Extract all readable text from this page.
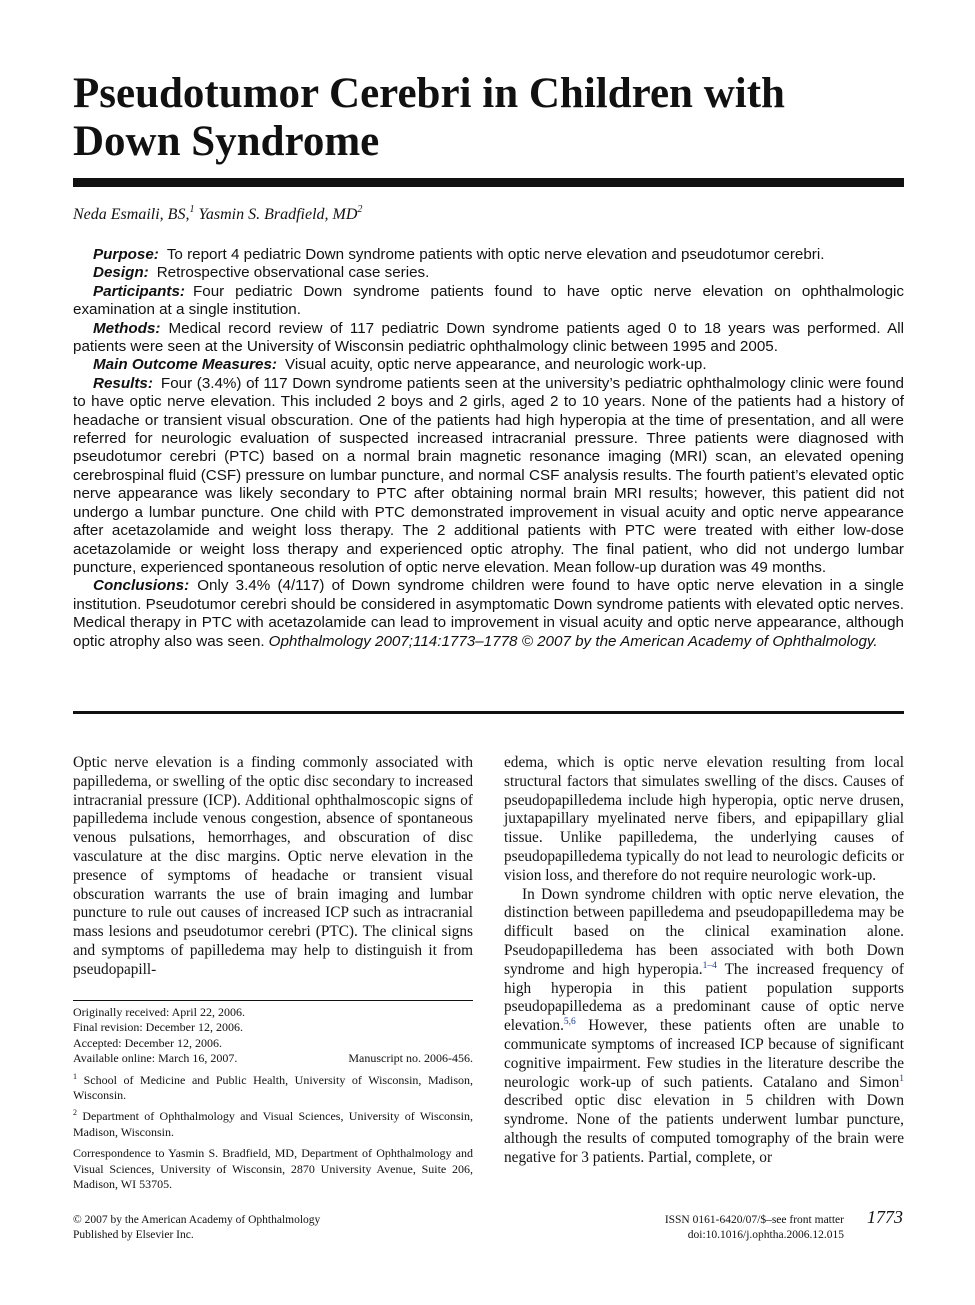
Pseudotumor Cerebri in Children with
Down Syndrome
Neda Esmaili, BS,$^1$ Yasmin S. Bradfield, $MD^2$

Purpose: To report 4 pediatric Down syndrome patients with optic nerve elevation and pseudotumor cerebri.

Design: Retrospective observational case series.

Participants: Four pediatric Down syndrome patients found to have optic nerve elevation on ophthalmologic examination at a single institution.

Methods: Medical record review of 117 pediatric Down syndrome patients aged 0 to 18 years was performed. All patients were seen at the University of Wisconsin pediatric ophthalmology clinic between 1995 and 2005.

Main Outcome Measures: Visual acuity, optic nerve appearance, and neurologic work-up.

Results: Four (3.4%) of 117 Down syndrome patients seen at the university’s pediatric ophthalmology clinic were found to have optic nerve elevation. This included 2 boys and 2 girls, aged 2 to 10 years. None of the patients had a history of headache or transient visual obscuration. One of the patients had high hyperopia at the time of presentation, and all were referred for neurologic evaluation of suspected increased intracranial pressure. Three patients were diagnosed with pseudotumor cerebri (PTC) based on a normal brain magnetic resonance imaging (MRI) scan, an elevated opening cerebrospinal fluid (CSF) pressure on lumbar puncture, and normal CSF analysis results. The fourth patient’s elevated optic nerve appearance was likely secondary to PTC after obtaining normal brain MRI results; however, this patient did not undergo a lumbar puncture. One child with PTC demonstrated improvement in visual acuity and optic nerve appearance after acetazolamide and weight loss therapy. The 2 additional patients with PTC were treated with either low-dose acetazolamide or weight loss therapy and experienced optic atrophy. The final patient, who did not undergo lumbar puncture, experienced spontaneous resolution of optic nerve elevation. Mean follow-up duration was 49 months.

Conclusions: Only 3.4% (4/117) of Down syndrome children were found to have optic nerve elevation in a single institution. Pseudotumor cerebri should be considered in asymptomatic Down syndrome patients with elevated optic nerves. Medical therapy in PTC with acetazolamide can lead to improvement in visual acuity and optic nerve appearance, although optic atrophy also was seen. Ophthalmology 2007;114:1773–1778 © 2007 by the American Academy of Ophthalmology.

Optic nerve elevation is a finding commonly associated with papilledema, or swelling of the optic disc secondary to increased intracranial pressure (ICP). Additional ophthalmoscopic signs of papilledema include venous congestion, absence of spontaneous venous pulsations, hemorrhages, and obscuration of disc vasculature at the disc margins. Optic nerve elevation in the presence of symptoms of headache or transient visual obscuration warrants the use of brain imaging and lumbar puncture to rule out causes of increased ICP such as intracranial mass lesions and pseudotumor cerebri (PTC). The clinical signs and symptoms of papilledema may help to distinguish it from pseudopapill-

Originally received: April 22, 2006.

Final revision: December 12, 2006.

Accepted: December 12, 2006.

Available online: March 16, 2007.	Manuscript no. 2006-456.

$^1$ School of Medicine and Public Health, University of Wisconsin, Madison, Wisconsin.

$^2$ Department of Ophthalmology and Visual Sciences, University of Wisconsin, Madison, Wisconsin.

Correspondence to Yasmin S. Bradfield, MD, Department of Ophthalmology and Visual Sciences, University of Wisconsin, 2870 University Avenue, Suite 206, Madison, WI 53705.

edema, which is optic nerve elevation resulting from local structural factors that simulates swelling of the discs. Causes of pseudopapilledema include high hyperopia, optic nerve drusen, juxtapapillary myelinated nerve fibers, and epipapillary glial tissue. Unlike papilledema, the underlying causes of pseudopapilledema typically do not lead to neurologic deficits or vision loss, and therefore do not require neurologic work-up.

In Down syndrome children with optic nerve elevation, the distinction between papilledema and pseudopapilledema may be difficult based on the clinical examination alone. Pseudopapilledema has been associated with both Down syndrome and high hyperopia.$^{1-4}$ The increased frequency of high hyperopia in this patient population supports pseudopapilledema as a predominant cause of optic nerve elevation.$^{5,6}$ However, these patients often are unable to communicate symptoms of increased ICP because of significant cognitive impairment. Few studies in the literature describe the neurologic work-up of such patients. Catalano and Simon$^1$ described optic disc elevation in 5 children with Down syndrome. None of the patients underwent lumbar puncture, although the results of computed tomography of the brain were negative for 3 patients. Partial, complete, or

© 2007 by the American Academy of Ophthalmology
Published by Elsevier Inc.
ISSN 0161-6420/07/$–see front matter
doi:10.1016/j.ophtha.2006.12.015
1773
